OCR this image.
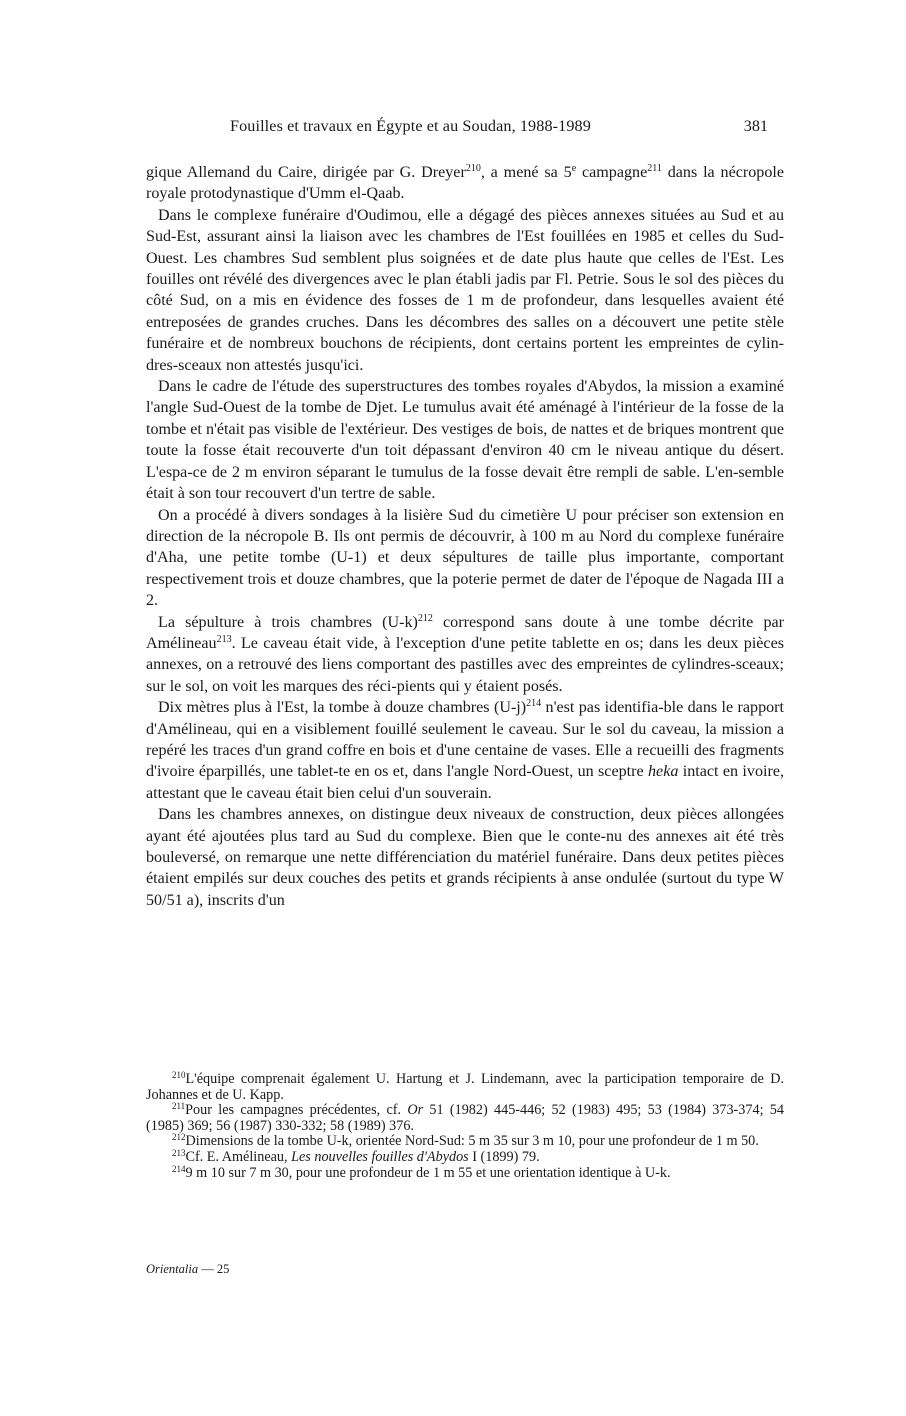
Fouilles et travaux en Égypte et au Soudan, 1988-1989	381

gique Allemand du Caire, dirigée par G. Dreyer$^{210}$, a mené sa 5e campagne$^{211}$ dans la nécropole royale protodynastique d'Umm el-Qaab.

Dans le complexe funéraire d'Oudimou, elle a dégagé des pièces annexes situées au Sud et au Sud-Est, assurant ainsi la liaison avec les chambres de l'Est fouillées en 1985 et celles du Sud-Ouest. Les chambres Sud semblent plus soignées et de date plus haute que celles de l'Est. Les fouilles ont révélé des divergences avec le plan établi jadis par Fl. Petrie. Sous le sol des pièces du côté Sud, on a mis en évidence des fosses de 1 m de profondeur, dans lesquelles avaient été entreposées de grandes cruches. Dans les décombres des salles on a découvert une petite stèle funéraire et de nombreux bouchons de récipients, dont certains portent les empreintes de cylin-dres-sceaux non attestés jusqu'ici.

Dans le cadre de l'étude des superstructures des tombes royales d'Abydos, la mission a examiné l'angle Sud-Ouest de la tombe de Djet. Le tumulus avait été aménagé à l'intérieur de la fosse de la tombe et n'était pas visible de l'extérieur. Des vestiges de bois, de nattes et de briques montrent que toute la fosse était recouverte d'un toit dépassant d'environ 40 cm le niveau antique du désert. L'espa-ce de 2 m environ séparant le tumulus de la fosse devait être rempli de sable. L'en-semble était à son tour recouvert d'un tertre de sable.

On a procédé à divers sondages à la lisière Sud du cimetière U pour préciser son extension en direction de la nécropole B. Ils ont permis de découvrir, à 100 m au Nord du complexe funéraire d'Aha, une petite tombe (U-1) et deux sépultures de taille plus importante, comportant respectivement trois et douze chambres, que la poterie permet de dater de l'époque de Nagada III a 2.

La sépulture à trois chambres $(U-k)^{212}$ correspond sans doute à une tombe décrite par Amélineau$^{213}$. Le caveau était vide, à l'exception d'une petite tablette en os; dans les deux pièces annexes, on a retrouvé des liens comportant des pastilles avec des empreintes de cylindres-sceaux; sur le sol, on voit les marques des réci-pients qui y étaient posés.

Dix mètres plus à l'Est, la tombe à douze chambres $(U-j)^{214}$ n'est pas identifia-ble dans le rapport d'Amélineau, qui en a visiblement fouillé seulement le caveau. Sur le sol du caveau, la mission a repéré les traces d'un grand coffre en bois et d'une centaine de vases. Elle a recueilli des fragments d'ivoire éparpillés, une tablet-te en os et, dans l'angle Nord-Ouest, un sceptre heka intact en ivoire, attestant que le caveau était bien celui d'un souverain.

Dans les chambres annexes, on distingue deux niveaux de construction, deux pièces allongées ayant été ajoutées plus tard au Sud du complexe. Bien que le conte-nu des annexes ait été très bouleversé, on remarque une nette différenciation du matériel funéraire. Dans deux petites pièces étaient empilés sur deux couches des petits et grands récipients à anse ondulée (surtout du type W 50/51 a), inscrits d'un

$^{210}$L'équipe comprenait également U. Hartung et J. Lindemann, avec la participation temporaire de D. Johannes et de U. Kapp.

$^{211}$Pour les campagnes précédentes, cf. Or 51 (1982) 445-446; 52 (1983) 495; 53 (1984) 373-374; 54 (1985) 369; 56 (1987) 330-332; 58 (1989) 376.

$^{212}$Dimensions de la tombe U-k, orientée Nord-Sud: 5 m 35 sur 3 m 10, pour une profondeur de 1 m 50.

$^{213}$Cf. E. Amélineau, Les nouvelles fouilles d'Abydos I (1899) 79.

$^{214}$9 m 10 sur 7 m 30, pour une profondeur de 1 m 55 et une orientation identique à U-k.

Orientalia — 25
